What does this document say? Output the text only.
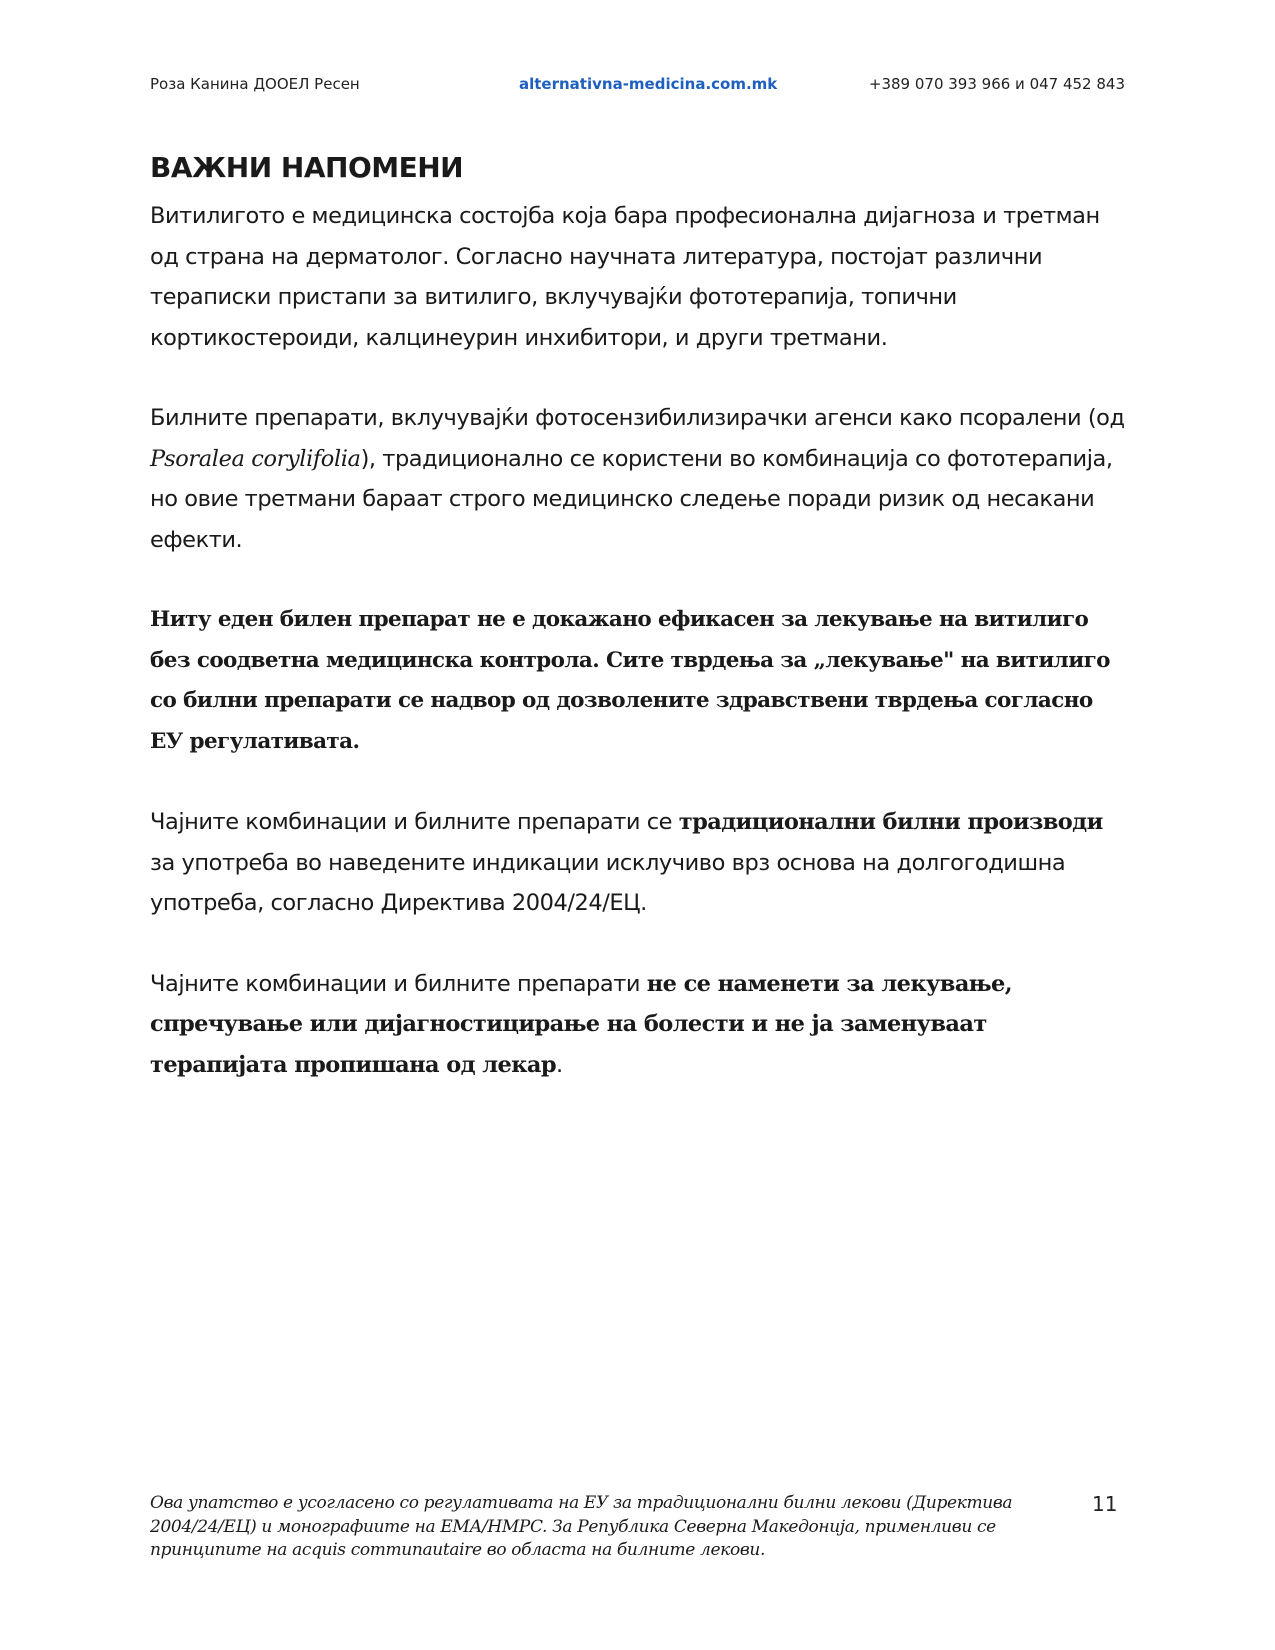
Роза Канина ДООЕЛ Ресен	alternativna-medicina.com.mk	+389 070 393 966 и 047 452 843
ВАЖНИ НАПОМЕНИ

Витилигото е медицинска состојба која бара професионална дијагноза и третман од страна на дерматолог. Согласно научната литература, постојат различни тераписки пристапи за витилиго, вклучувајќи фототерапија, топични кортикостероиди, калцинеурин инхибитори, и други третмани.

Билните препарати, вклучувајќи фотосензибилизирачки агенси како псоралени (од Psoralea corylifolia), традиционално се користени во комбинација со фототерапија, но овие третмани бараат строго медицинско следење поради ризик од несакани ефекти.

Ниту еден билен препарат не е докажано ефикасен за лекување на витилиго без соодветна медицинска контрола. Сите тврдења за „лекување" на витилиго со билни препарати се надвор од дозволените здравствени тврдења согласно ЕУ регулативата.

Чајните комбинации и билните препарати се традиционални билни производи за употреба во наведените индикации исклучиво врз основа на долгогодишна употреба, согласно Директива 2004/24/ЕЦ.

Чајните комбинации и билните препарати не се наменети за лекување, спречување или дијагностицирање на болести и не ја заменуваат терапијата пропишана од лекар.

Ова упатство е усогласено со регулативата на ЕУ за традиционални билни лекови (Директива 2004/24/ЕЦ) и монографиите на ЕМА/HMPC. За Република Северна Македонија, применливи се принципите на acquis communautaire во областа на билните лекови.
11
